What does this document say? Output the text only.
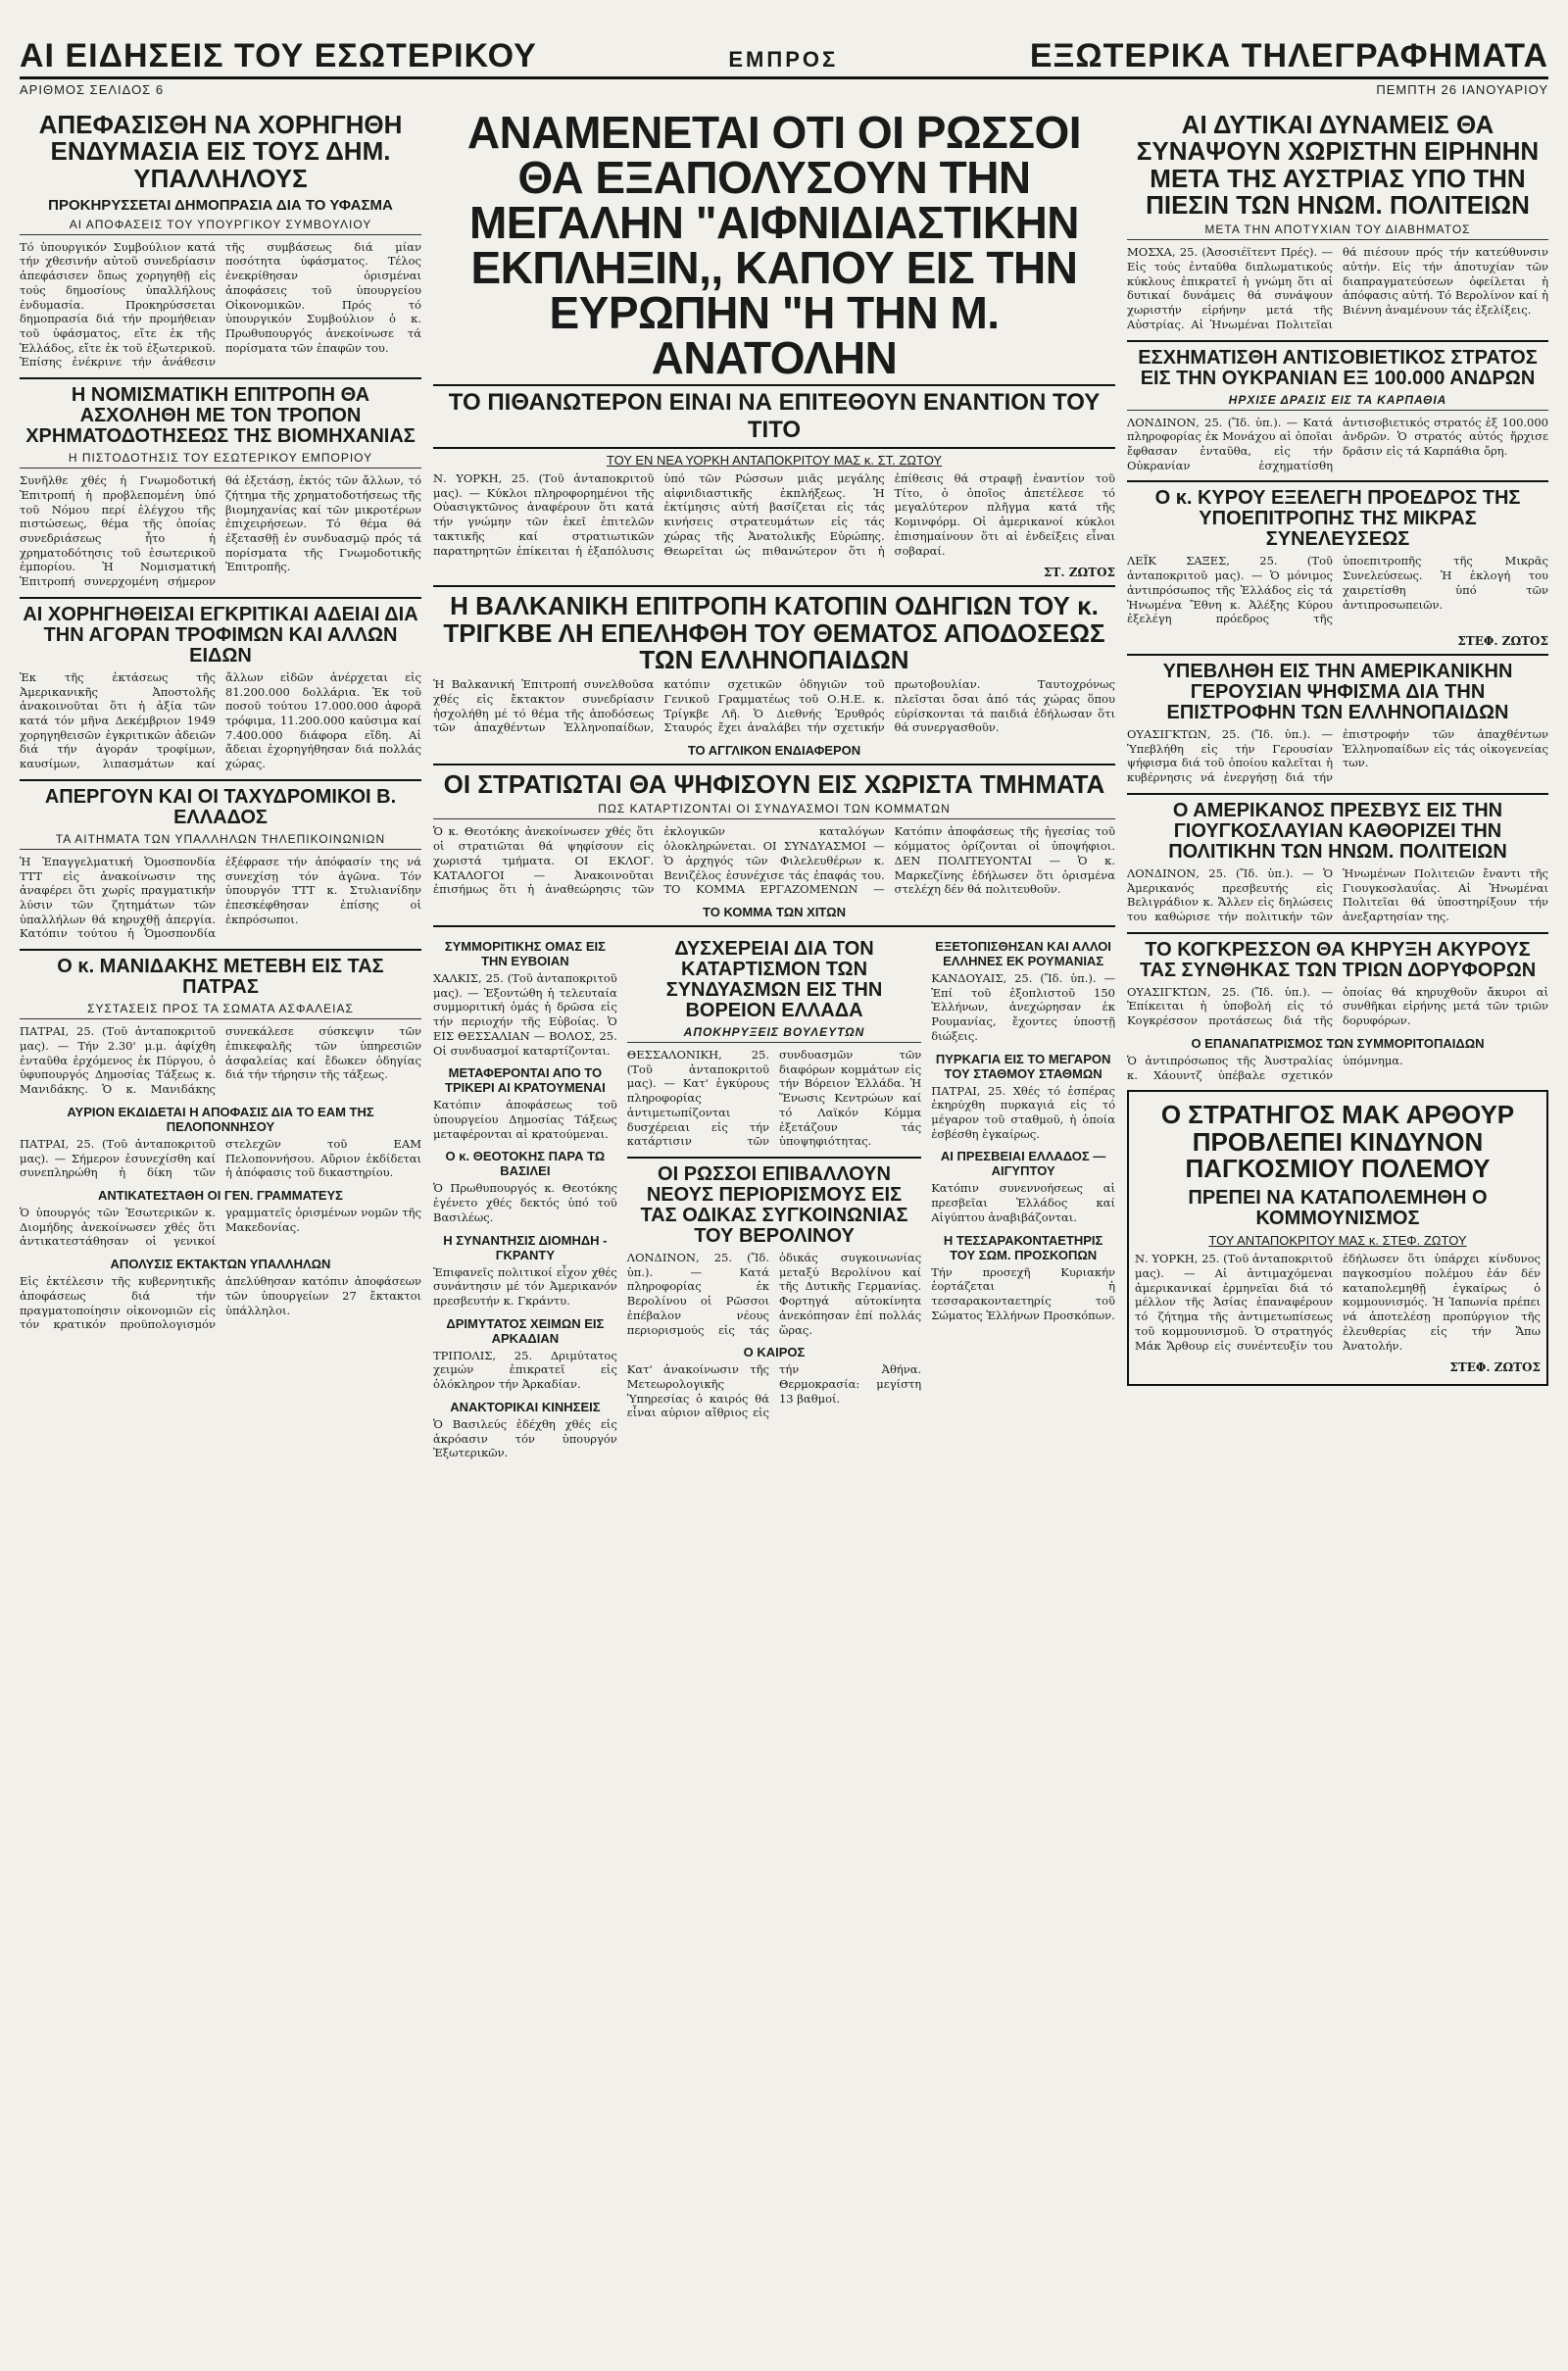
ΑΙ ΕΙΔΗΣΕΙΣ ΤΟΥ ΕΣΩΤΕΡΙΚΟΥ	ΕΜΠΡΟΣ	ΕΞΩΤΕΡΙΚΑ ΤΗΛΕΓΡΑΦΗΜΑΤΑ
ΑΡΙΘΜΟΣ ΣΕΛΙΔΟΣ 6	ΠΕΜΠΤΗ 26 ΙΑΝΟΥΑΡΙΟΥ
ΑΠΕΦΑΣΙΣΘΗ ΝΑ ΧΟΡΗΓΗΘΗ ΕΝΔΥΜΑΣΙΑ ΕΙΣ ΤΟΥΣ ΔΗΜ. ΥΠΑΛΛΗΛΟΥΣ
ΠΡΟΚΗΡΥΣΣΕΤΑΙ ΔΗΜΟΠΡΑΣΙΑ ΔΙΑ ΤΟ ΥΦΑΣΜΑ
ΑΙ ΑΠΟΦΑΣΕΙΣ ΤΟΥ ΥΠΟΥΡΓΙΚΟΥ ΣΥΜΒΟΥΛΙΟΥ
Τό ὑπουργικόν Συμβούλιον κατά τήν χθεσινήν αὐτοῦ συνεδρίασιν ἀπεφάσισεν ὅπως χορηγηθῇ εἰς τούς δημοσίους ὑπαλλήλους ἐνδυμασία. Προκηρύσσεται δημοπρασία διά τήν προμήθειαν τοῦ ὑφάσματος, εἴτε ἐκ τῆς Ἑλλάδος, εἴτε ἐκ τοῦ ἐξωτερικοῦ. Ἐπίσης ἐνέκρινε τήν ἀνάθεσιν τῆς συμβάσεως διά μίαν ποσότητα ὑφάσματος. Τέλος ἐνεκρίθησαν ὁρισμέναι ἀποφάσεις τοῦ ὑπουργείου Οἰκονομικῶν. Πρός τό ὑπουργικόν Συμβούλιον ὁ κ. Πρωθυπουργός ἀνεκοίνωσε τά πορίσματα τῶν ἐπαφῶν του.
Η ΝΟΜΙΣΜΑΤΙΚΗ ΕΠΙΤΡΟΠΗ ΘΑ ΑΣΧΟΛΗΘΗ ΜΕ ΤΟΝ ΤΡΟΠΟΝ ΧΡΗΜΑΤΟΔΟΤΗΣΕΩΣ ΤΗΣ ΒΙΟΜΗΧΑΝΙΑΣ
Η ΠΙΣΤΟΔΟΤΗΣΙΣ ΤΟΥ ΕΣΩΤΕΡΙΚΟΥ ΕΜΠΟΡΙΟΥ
Συνῆλθε χθές ἡ Γνωμοδοτική Ἐπιτροπή ἡ προβλεπομένη ὑπό τοῦ Νόμου περί ἐλέγχου τῆς πιστώσεως, θέμα τῆς ὁποίας συνεδριάσεως ἦτο ἡ χρηματοδότησις τοῦ ἐσωτερικοῦ ἐμπορίου. Ἡ Νομισματική Ἐπιτροπή συνερχομένη σήμερον θά ἐξετάσῃ, ἐκτός τῶν ἄλλων, τό ζήτημα τῆς χρηματοδοτήσεως τῆς βιομηχανίας καί τῶν μικροτέρων ἐπιχειρήσεων. Τό θέμα θά ἐξετασθῇ ἐν συνδυασμῷ πρός τά πορίσματα τῆς Γνωμοδοτικῆς Ἐπιτροπῆς.
ΑΙ ΧΟΡΗΓΗΘΕΙΣΑΙ ΕΓΚΡΙΤΙΚΑΙ ΑΔΕΙΑΙ ΔΙΑ ΤΗΝ ΑΓΟΡΑΝ ΤΡΟΦΙΜΩΝ ΚΑΙ ΑΛΛΩΝ ΕΙΔΩΝ
Ἐκ τῆς ἐκτάσεως τῆς Ἀμερικανικῆς Ἀποστολῆς ἀνακοινοῦται ὅτι ἡ ἀξία τῶν κατά τόν μῆνα Δεκέμβριον 1949 χορηγηθεισῶν ἐγκριτικῶν ἀδειῶν διά τήν ἀγοράν τροφίμων, καυσίμων, λιπασμάτων καί ἄλλων εἰδῶν ἀνέρχεται εἰς 81.200.000 δολλάρια. Ἐκ τοῦ ποσοῦ τούτου 17.000.000 ἀφορᾶ τρόφιμα, 11.200.000 καύσιμα καί 7.400.000 διάφορα εἴδη. Αἱ ἄδειαι ἐχορηγήθησαν διά πολλάς χώρας.
ΑΠΕΡΓΟΥΝ ΚΑΙ ΟΙ ΤΑΧΥΔΡΟΜΙΚΟΙ Β. ΕΛΛΑΔΟΣ
ΤΑ ΑΙΤΗΜΑΤΑ ΤΩΝ ΥΠΑΛΛΗΛΩΝ ΤΗΛΕΠΙΚΟΙΝΩΝΙΩΝ
Ἡ Ἐπαγγελματική Ὁμοσπονδία ΤΤΤ εἰς ἀνακοίνωσιν της ἀναφέρει ὅτι χωρίς πραγματικήν λύσιν τῶν ζητημάτων τῶν ὑπαλλήλων θά κηρυχθῇ ἀπεργία. Κατόπιν τούτου ἡ Ὁμοσπονδία ἐξέφρασε τήν ἀπόφασίν της νά συνεχίσῃ τόν ἀγῶνα. Τόν ὑπουργόν ΤΤΤ κ. Στυλιανίδην ἐπεσκέφθησαν ἐπίσης οἱ ἐκπρόσωποι.
Ο κ. ΜΑΝΙΔΑΚΗΣ ΜΕΤΕΒΗ ΕΙΣ ΤΑΣ ΠΑΤΡΑΣ
ΣΥΣΤΑΣΕΙΣ ΠΡΟΣ ΤΑ ΣΩΜΑΤΑ ΑΣΦΑΛΕΙΑΣ
ΠΑΤΡΑΙ, 25. (Τοῦ ἀνταποκριτοῦ μας). — Τήν 2.30' μ.μ. ἀφίχθη ἐνταῦθα ἐρχόμενος ἐκ Πύργου, ὁ ὑφυπουργός Δημοσίας Τάξεως κ. Μανιδάκης. Ὁ κ. Μανιδάκης συνεκάλεσε σύσκεψιν τῶν ἐπικεφαλῆς τῶν ὑπηρεσιῶν ἀσφαλείας καί ἔδωκεν ὁδηγίας διά τήν τήρησιν τῆς τάξεως.
ΑΥΡΙΟΝ ΕΚΔΙΔΕΤΑΙ Η ΑΠΟΦΑΣΙΣ ΔΙΑ ΤΟ ΕΑΜ ΤΗΣ ΠΕΛΟΠΟΝΝΗΣΟΥ
ΠΑΤΡΑΙ, 25. (Τοῦ ἀνταποκριτοῦ μας). — Σήμερον ἐσυνεχίσθη καί συνεπληρώθη ἡ δίκη τῶν στελεχῶν τοῦ ΕΑΜ Πελοποννήσου. Αὔριον ἐκδίδεται ἡ ἀπόφασις τοῦ δικαστηρίου.
ΑΝΤΙΚΑΤΕΣΤΑΘΗ ΟΙ ΓΕΝ. ΓΡΑΜΜΑΤΕΥΣ
Ὁ ὑπουργός τῶν Ἐσωτερικῶν κ. Διομήδης ἀνεκοίνωσεν χθές ὅτι ἀντικατεστάθησαν οἱ γενικοί γραμματεῖς ὁρισμένων νομῶν τῆς Μακεδονίας.
ΑΠΟΛΥΣΙΣ ΕΚΤΑΚΤΩΝ ΥΠΑΛΛΗΛΩΝ
Εἰς ἐκτέλεσιν τῆς κυβερνητικῆς ἀποφάσεως διά τήν πραγματοποίησιν οἰκονομιῶν εἰς τόν κρατικόν προϋπολογισμόν ἀπελύθησαν κατόπιν ἀποφάσεων τῶν ὑπουργείων 27 ἔκτακτοι ὑπάλληλοι.
ΑΝΑΜΕΝΕΤΑΙ ΟΤΙ ΟΙ ΡΩΣΣΟΙ ΘΑ ΕΞΑΠΟΛΥΣΟΥΝ ΤΗΝ ΜΕΓΑΛΗΝ "ΑΙΦΝΙΔΙΑΣΤΙΚΗΝ ΕΚΠΛΗΞΙΝ,, ΚΑΠΟΥ ΕΙΣ ΤΗΝ ΕΥΡΩΠΗΝ "Η ΤΗΝ Μ. ΑΝΑΤΟΛΗΝ
ΤΟ ΠΙΘΑΝΩΤΕΡΟΝ ΕΙΝΑΙ ΝΑ ΕΠΙΤΕΘΟΥΝ ΕΝΑΝΤΙΟΝ ΤΟΥ ΤΙΤΟ
ΤΟΥ ΕΝ ΝΕΑ ΥΟΡΚΗ ΑΝΤΑΠΟΚΡΙΤΟΥ ΜΑΣ κ. ΣΤ. ΖΩΤΟΥ
Ν. ΥΟΡΚΗ, 25. (Τοῦ ἀνταποκριτοῦ μας). — Κύκλοι πληροφορημένοι τῆς Οὐασιγκτῶνος ἀναφέρουν ὅτι κατά τήν γνώμην τῶν ἐκεῖ ἐπιτελῶν τακτικῆς καί στρατιωτικῶν παρατηρητῶν ἐπίκειται ἡ ἐξαπόλυσις ὑπό τῶν Ρώσσων μιᾶς μεγάλης αἰφνιδιαστικῆς ἐκπλήξεως. Ἡ ἐκτίμησις αὐτή βασίζεται εἰς τάς κινήσεις στρατευμάτων εἰς τάς χώρας τῆς Ἀνατολικῆς Εὐρώπης. Θεωρεῖται ὡς πιθανώτερον ὅτι ἡ ἐπίθεσις θά στραφῇ ἐναντίον τοῦ Τίτο, ὁ ὁποῖος ἀπετέλεσε τό μεγαλύτερον πλῆγμα κατά τῆς Κομινφόρμ. Οἱ ἀμερικανοί κύκλοι ἐπισημαίνουν ὅτι αἱ ἐνδείξεις εἶναι σοβαραί.
ΣΤ. ΖΩΤΟΣ
Η ΒΑΛΚΑΝΙΚΗ ΕΠΙΤΡΟΠΗ ΚΑΤΟΠΙΝ ΟΔΗΓΙΩΝ ΤΟΥ κ. ΤΡΙΓΚΒΕ ΛΗ ΕΠΕΛΗΦΘΗ ΤΟΥ ΘΕΜΑΤΟΣ ΑΠΟΔΟΣΕΩΣ ΤΩΝ ΕΛΛΗΝΟΠΑΙΔΩΝ
Ἡ Βαλκανική Ἐπιτροπή συνελθοῦσα χθές εἰς ἔκτακτον συνεδρίασιν ἠσχολήθη μέ τό θέμα τῆς ἀποδόσεως τῶν ἀπαχθέντων Ἑλληνοπαίδων, κατόπιν σχετικῶν ὁδηγιῶν τοῦ Γενικοῦ Γραμματέως τοῦ Ο.Η.Ε. κ. Τρίγκβε Λῆ. Ὁ Διεθνής Ἐρυθρός Σταυρός ἔχει ἀναλάβει τήν σχετικήν πρωτοβουλίαν. Ταυτοχρόνως πλεῖσται ὅσαι ἀπό τάς χώρας ὅπου εὑρίσκονται τά παιδιά ἐδήλωσαν ὅτι θά συνεργασθοῦν.
ΤΟ ΑΓΓΛΙΚΟΝ ΕΝΔΙΑΦΕΡΟΝ
ΟΙ ΣΤΡΑΤΙΩΤΑΙ ΘΑ ΨΗΦΙΣΟΥΝ ΕΙΣ ΧΩΡΙΣΤΑ ΤΜΗΜΑΤΑ
ΠΩΣ ΚΑΤΑΡΤΙΖΟΝΤΑΙ ΟΙ ΣΥΝΔΥΑΣΜΟΙ ΤΩΝ ΚΟΜΜΑΤΩΝ
Ὁ κ. Θεοτόκης ἀνεκοίνωσεν χθές ὅτι οἱ στρατιῶται θά ψηφίσουν εἰς χωριστά τμήματα. ΟΙ ΕΚΛΟΓ. ΚΑΤΑΛΟΓΟΙ — Ἀνακοινοῦται ἐπισήμως ὅτι ἡ ἀναθεώρησις τῶν ἐκλογικῶν καταλόγων ὁλοκληρώνεται. ΟΙ ΣΥΝΔΥΑΣΜΟΙ — Ὁ ἀρχηγός τῶν Φιλελευθέρων κ. Βενιζέλος ἐσυνέχισε τάς ἐπαφάς του. ΤΟ ΚΟΜΜΑ ΕΡΓΑΖΟΜΕΝΩΝ — Κατόπιν ἀποφάσεως τῆς ἡγεσίας τοῦ κόμματος ὁρίζονται οἱ ὑποψήφιοι. ΔΕΝ ΠΟΛΙΤΕΥΟΝΤΑΙ — Ὁ κ. Μαρκεζίνης ἐδήλωσεν ὅτι ὁρισμένα στελέχη δέν θά πολιτευθοῦν.
ΤΟ ΚΟΜΜΑ ΤΩΝ ΧΙΤΩΝ
ΣΥΜΜΟΡΙΤΙΚΗΣ ΟΜΑΣ ΕΙΣ ΤΗΝ ΕΥΒΟΙΑΝ
ΧΑΛΚΙΣ, 25. (Τοῦ ἀνταποκριτοῦ μας). — Ἐξοντώθη ἡ τελευταία συμμοριτική ὁμάς ἡ δρῶσα εἰς τήν περιοχήν τῆς Εὐβοίας. Ὁ ΕΙΣ ΘΕΣΣΑΛΙΑΝ — ΒΟΛΟΣ, 25. Οἱ συνδυασμοί καταρτίζονται.
ΜΕΤΑΦΕΡΟΝΤΑΙ ΑΠΟ ΤΟ ΤΡΙΚΕΡΙ ΑΙ ΚΡΑΤΟΥΜΕΝΑΙ
Κατόπιν ἀποφάσεως τοῦ ὑπουργείου Δημοσίας Τάξεως μεταφέρονται αἱ κρατούμεναι.
Ο κ. ΘΕΟΤΟΚΗΣ ΠΑΡΑ ΤΩ ΒΑΣΙΛΕΙ
Ὁ Πρωθυπουργός κ. Θεοτόκης ἐγένετο χθές δεκτός ὑπό τοῦ Βασιλέως.
Η ΣΥΝΑΝΤΗΣΙΣ ΔΙΟΜΗΔΗ - ΓΚΡΑΝΤΥ
Ἐπιφανεῖς πολιτικοί εἶχον χθές συνάντησιν μέ τόν Ἀμερικανόν πρεσβευτήν κ. Γκράντυ.
ΔΡΙΜΥΤΑΤΟΣ ΧΕΙΜΩΝ ΕΙΣ ΑΡΚΑΔΙΑΝ
ΤΡΙΠΟΛΙΣ, 25. Δριμύτατος χειμών ἐπικρατεῖ εἰς ὁλόκληρον τήν Ἀρκαδίαν.
ΑΝΑΚΤΟΡΙΚΑΙ ΚΙΝΗΣΕΙΣ
Ὁ Βασιλεύς ἐδέχθη χθές εἰς ἀκρόασιν τόν ὑπουργόν Ἐξωτερικῶν.
ΔΥΣΧΕΡΕΙΑΙ ΔΙΑ ΤΟΝ ΚΑΤΑΡΤΙΣΜΟΝ ΤΩΝ ΣΥΝΔΥΑΣΜΩΝ ΕΙΣ ΤΗΝ ΒΟΡΕΙΟΝ ΕΛΛΑΔΑ
ΑΠΟΚΗΡΥΞΕΙΣ ΒΟΥΛΕΥΤΩΝ
ΘΕΣΣΑΛΟΝΙΚΗ, 25. (Τοῦ ἀνταποκριτοῦ μας). — Κατ' ἐγκύρους πληροφορίας ἀντιμετωπίζονται δυσχέρειαι εἰς τήν κατάρτισιν τῶν συνδυασμῶν τῶν διαφόρων κομμάτων εἰς τήν Βόρειον Ἑλλάδα. Ἡ Ἕνωσις Κεντρώων καί τό Λαϊκόν Κόμμα ἐξετάζουν τάς ὑποψηφιότητας.
ΟΙ ΡΩΣΣΟΙ ΕΠΙΒΑΛΛΟΥΝ ΝΕΟΥΣ ΠΕΡΙΟΡΙΣΜΟΥΣ ΕΙΣ ΤΑΣ ΟΔΙΚΑΣ ΣΥΓΚΟΙΝΩΝΙΑΣ ΤΟΥ ΒΕΡΟΛΙΝΟΥ
ΛΟΝΔΙΝΟΝ, 25. (Ἴδ. ὑπ.). — Κατά πληροφορίας ἐκ Βερολίνου οἱ Ρῶσσοι ἐπέβαλον νέους περιορισμούς εἰς τάς ὁδικάς συγκοινωνίας μεταξύ Βερολίνου καί τῆς Δυτικῆς Γερμανίας. Φορτηγά αὐτοκίνητα ἀνεκόπησαν ἐπί πολλάς ὥρας.
Ο ΚΑΙΡΟΣ
Κατ' ἀνακοίνωσιν τῆς Μετεωρολογικῆς Ὑπηρεσίας ὁ καιρός θά εἶναι αὐριον αἴθριος εἰς τήν Ἀθήνα. Θερμοκρασία: μεγίστη 13 βαθμοί.
ΕΞΕΤΟΠΙΣΘΗΣΑΝ ΚΑΙ ΑΛΛΟΙ ΕΛΛΗΝΕΣ ΕΚ ΡΟΥΜΑΝΙΑΣ
ΚΑΝΔΟΥΑΙΣ, 25. (Ἴδ. ὑπ.). — Ἐπί τοῦ ἐξοπλιστοῦ 150 Ἑλλήνων, ἀνεχώρησαν ἐκ Ρουμανίας, ἔχοντες ὑποστῇ διώξεις.
ΠΥΡΚΑΓΙΑ ΕΙΣ ΤΟ ΜΕΓΑΡΟΝ ΤΟΥ ΣΤΑΘΜΟΥ ΣΤΑΘΜΩΝ
ΠΑΤΡΑΙ, 25. Χθές τό ἑσπέρας ἐκηρύχθη πυρκαγιά εἰς τό μέγαρον τοῦ σταθμοῦ, ἡ ὁποία ἐσβέσθη ἐγκαίρως.
ΑΙ ΠΡΕΣΒΕΙΑΙ ΕΛΛΑΔΟΣ — ΑΙΓΥΠΤΟΥ
Κατόπιν συνεννοήσεως αἱ πρεσβεῖαι Ἑλλάδος καί Αἰγύπτου ἀναβιβάζονται.
Η ΤΕΣΣΑΡΑΚΟΝΤΑΕΤΗΡΙΣ ΤΟΥ ΣΩΜ. ΠΡΟΣΚΟΠΩΝ
Τήν προσεχῆ Κυριακήν ἑορτάζεται ἡ τεσσαρακονταετηρίς τοῦ Σώματος Ἑλλήνων Προσκόπων.
ΑΙ ΔΥΤΙΚΑΙ ΔΥΝΑΜΕΙΣ ΘΑ ΣΥΝΑΨΟΥΝ ΧΩΡΙΣΤΗΝ ΕΙΡΗΝΗΝ ΜΕΤΑ ΤΗΣ ΑΥΣΤΡΙΑΣ ΥΠΟ ΤΗΝ ΠΙΕΣΙΝ ΤΩΝ ΗΝΩΜ. ΠΟΛΙΤΕΙΩΝ
ΜΕΤΑ ΤΗΝ ΑΠΟΤΥΧΙΑΝ ΤΟΥ ΔΙΑΒΗΜΑΤΟΣ
ΜΟΣΧΑ, 25. (Ἀσοσιέϊτεντ Πρές). — Εἰς τούς ἐνταῦθα διπλωματικούς κύκλους ἐπικρατεῖ ἡ γνώμη ὅτι αἱ δυτικαί δυνάμεις θά συνάψουν χωριστήν εἰρήνην μετά τῆς Αὐστρίας. Αἱ Ἡνωμέναι Πολιτεῖαι θά πιέσουν πρός τήν κατεύθυνσιν αὐτήν. Εἰς τήν ἀποτυχίαν τῶν διαπραγματεύσεων ὀφείλεται ἡ ἀπόφασις αὐτή. Τό Βερολίνον καί ἡ Βιέννη ἀναμένουν τάς ἐξελίξεις.
ΕΣΧΗΜΑΤΙΣΘΗ ΑΝΤΙΣΟΒΙΕΤΙΚΟΣ ΣΤΡΑΤΟΣ ΕΙΣ ΤΗΝ ΟΥΚΡΑΝΙΑΝ ΕΞ 100.000 ΑΝΔΡΩΝ
ΗΡΧΙΣΕ ΔΡΑΣΙΣ ΕΙΣ ΤΑ ΚΑΡΠΑΘΙΑ
ΛΟΝΔΙΝΟΝ, 25. (Ἴδ. ὑπ.). — Κατά πληροφορίας ἐκ Μονάχου αἱ ὁποῖαι ἔφθασαν ἐνταῦθα, εἰς τήν Οὐκρανίαν ἐσχηματίσθη ἀντισοβιετικός στρατός ἐξ 100.000 ἀνδρῶν. Ὁ στρατός αὐτός ἤρχισε δρᾶσιν εἰς τά Καρπάθια ὄρη.
Ο κ. ΚΥΡΟΥ ΕΞΕΛΕΓΗ ΠΡΟΕΔΡΟΣ ΤΗΣ ΥΠΟΕΠΙΤΡΟΠΗΣ ΤΗΣ ΜΙΚΡΑΣ ΣΥΝΕΛΕΥΣΕΩΣ
ΛΕΪΚ ΣΑΞΕΣ, 25. (Τοῦ ἀνταποκριτοῦ μας). — Ὁ μόνιμος ἀντιπρόσωπος τῆς Ἑλλάδος εἰς τά Ἡνωμένα Ἔθνη κ. Ἀλέξης Κύρου ἐξελέγη πρόεδρος τῆς ὑποεπιτροπῆς τῆς Μικρᾶς Συνελεύσεως. Ἡ ἐκλογή του χαιρετίσθη ὑπό τῶν ἀντιπροσωπειῶν.
ΣΤΕΦ. ΖΩΤΟΣ
ΥΠΕΒΛΗΘΗ ΕΙΣ ΤΗΝ ΑΜΕΡΙΚΑΝΙΚΗΝ ΓΕΡΟΥΣΙΑΝ ΨΗΦΙΣΜΑ ΔΙΑ ΤΗΝ ΕΠΙΣΤΡΟΦΗΝ ΤΩΝ ΕΛΛΗΝΟΠΑΙΔΩΝ
ΟΥΑΣΙΓΚΤΩΝ, 25. (Ἴδ. ὑπ.). — Ὑπεβλήθη εἰς τήν Γερουσίαν ψήφισμα διά τοῦ ὁποίου καλεῖται ἡ κυβέρνησις νά ἐνεργήσῃ διά τήν ἐπιστροφήν τῶν ἀπαχθέντων Ἑλληνοπαίδων εἰς τάς οἰκογενείας των.
Ο ΑΜΕΡΙΚΑΝΟΣ ΠΡΕΣΒΥΣ ΕΙΣ ΤΗΝ ΓΙΟΥΓΚΟΣΛΑΥΙΑΝ ΚΑΘΟΡΙΖΕΙ ΤΗΝ ΠΟΛΙΤΙΚΗΝ ΤΩΝ ΗΝΩΜ. ΠΟΛΙΤΕΙΩΝ
ΛΟΝΔΙΝΟΝ, 25. (Ἴδ. ὑπ.). — Ὁ Ἀμερικανός πρεσβευτής εἰς Βελιγράδιον κ. Ἄλλεν εἰς δηλώσεις του καθώρισε τήν πολιτικήν τῶν Ἡνωμένων Πολιτειῶν ἔναντι τῆς Γιουγκοσλαυΐας. Αἱ Ἡνωμέναι Πολιτεῖαι θά ὑποστηρίξουν τήν ἀνεξαρτησίαν της.
ΤΟ ΚΟΓΚΡΕΣΣΟΝ ΘΑ ΚΗΡΥΞΗ ΑΚΥΡΟΥΣ ΤΑΣ ΣΥΝΘΗΚΑΣ ΤΩΝ ΤΡΙΩΝ ΔΟΡΥΦΟΡΩΝ
ΟΥΑΣΙΓΚΤΩΝ, 25. (Ἴδ. ὑπ.). — Ἐπίκειται ἡ ὑποβολή εἰς τό Κογκρέσσον προτάσεως διά τῆς ὁποίας θά κηρυχθοῦν ἄκυροι αἱ συνθῆκαι εἰρήνης μετά τῶν τριῶν δορυφόρων.
Ο ΕΠΑΝΑΠΑΤΡΙΣΜΟΣ ΤΩΝ ΣΥΜΜΟΡΙΤΟΠΑΙΔΩΝ
Ὁ ἀντιπρόσωπος τῆς Ἀυστραλίας κ. Χάουντζ ὑπέβαλε σχετικόν ὑπόμνημα.
Ο ΣΤΡΑΤΗΓΟΣ ΜΑΚ ΑΡΘΟΥΡ ΠΡΟΒΛΕΠΕΙ ΚΙΝΔΥΝΟΝ ΠΑΓΚΟΣΜΙΟΥ ΠΟΛΕΜΟΥ
ΠΡΕΠΕΙ ΝΑ ΚΑΤΑΠΟΛΕΜΗΘΗ Ο ΚΟΜΜΟΥΝΙΣΜΟΣ
ΤΟΥ ΑΝΤΑΠΟΚΡΙΤΟΥ ΜΑΣ κ. ΣΤΕΦ. ΖΩΤΟΥ
Ν. ΥΟΡΚΗ, 25. (Τοῦ ἀνταποκριτοῦ μας). — Αἱ ἀντιμαχόμεναι ἀμερικανικαί ἑρμηνεῖαι διά τό μέλλον τῆς Ἀσίας ἐπαναφέρουν τό ζήτημα τῆς ἀντιμετωπίσεως τοῦ κομμουνισμοῦ. Ὁ στρατηγός Μάκ Ἄρθουρ εἰς συνέντευξίν του ἐδήλωσεν ὅτι ὑπάρχει κίνδυνος παγκοσμίου πολέμου ἐάν δέν καταπολεμηθῇ ἐγκαίρως ὁ κομμουνισμός. Ἡ Ἰαπωνία πρέπει νά ἀποτελέσῃ προπύργιον τῆς ἐλευθερίας εἰς τήν Ἄπω Ἀνατολήν.
ΣΤΕΦ. ΖΩΤΟΣ
